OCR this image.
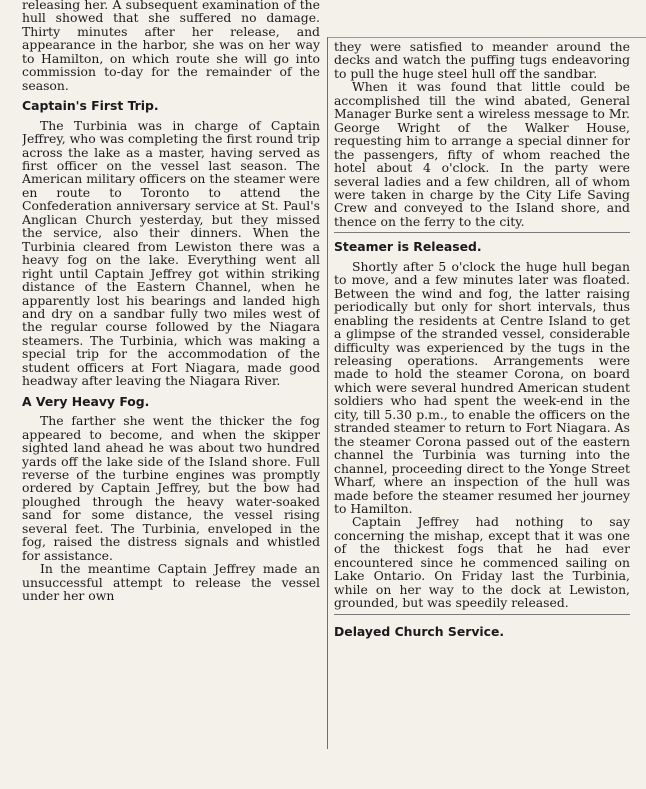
releasing her. A subsequent examination of the hull showed that she suffered no damage. Thirty minutes after her release, and appearance in the harbor, she was on her way to Hamilton, on which route she will go into commission to-day for the remainder of the season.

Captain's First Trip.

The Turbinia was in charge of Captain Jeffrey, who was completing the first round trip across the lake as a master, having served as first officer on the vessel last season. The American military officers on the steamer were en route to Toronto to attend the Confederation anniversary service at St. Paul's Anglican Church yesterday, but they missed the service, also their dinners. When the Turbinia cleared from Lewiston there was a heavy fog on the lake. Everything went all right until Captain Jeffrey got within striking distance of the Eastern Channel, when he apparently lost his bearings and landed high and dry on a sandbar fully two miles west of the regular course followed by the Niagara steamers. The Turbinia, which was making a special trip for the accommodation of the student officers at Fort Niagara, made good headway after leaving the Niagara River.

A Very Heavy Fog.

The farther she went the thicker the fog appeared to become, and when the skipper sighted land ahead he was about two hundred yards off the lake side of the Island shore. Full reverse of the turbine engines was promptly ordered by Captain Jeffrey, but the bow had ploughed through the heavy water-soaked sand for some distance, the vessel rising several feet. The Turbinia, enveloped in the fog, raised the distress signals and whistled for assistance.

In the meantime Captain Jeffrey made an unsuccessful attempt to release the vessel under her own

they were satisfied to meander around the decks and watch the puffing tugs endeavoring to pull the huge steel hull off the sandbar.

When it was found that little could be accomplished till the wind abated, General Manager Burke sent a wireless message to Mr. George Wright of the Walker House, requesting him to arrange a special dinner for the passengers, fifty of whom reached the hotel about 4 o'clock. In the party were several ladies and a few children, all of whom were taken in charge by the City Life Saving Crew and conveyed to the Island shore, and thence on the ferry to the city.

Steamer is Released.

Shortly after 5 o'clock the huge hull began to move, and a few minutes later was floated. Between the wind and fog, the latter raising periodically but only for short intervals, thus enabling the residents at Centre Island to get a glimpse of the stranded vessel, considerable difficulty was experienced by the tugs in the releasing operations. Arrangements were made to hold the steamer Corona, on board which were several hundred American student soldiers who had spent the week-end in the city, till 5.30 p.m., to enable the officers on the stranded steamer to return to Fort Niagara. As the steamer Corona passed out of the eastern channel the Turbinia was turning into the channel, proceeding direct to the Yonge Street Wharf, where an inspection of the hull was made before the steamer resumed her journey to Hamilton.

Captain Jeffrey had nothing to say concerning the mishap, except that it was one of the thickest fogs that he had ever encountered since he commenced sailing on Lake Ontario. On Friday last the Turbinia, while on her way to the dock at Lewiston, grounded, but was speedily released.

Delayed Church Service.
